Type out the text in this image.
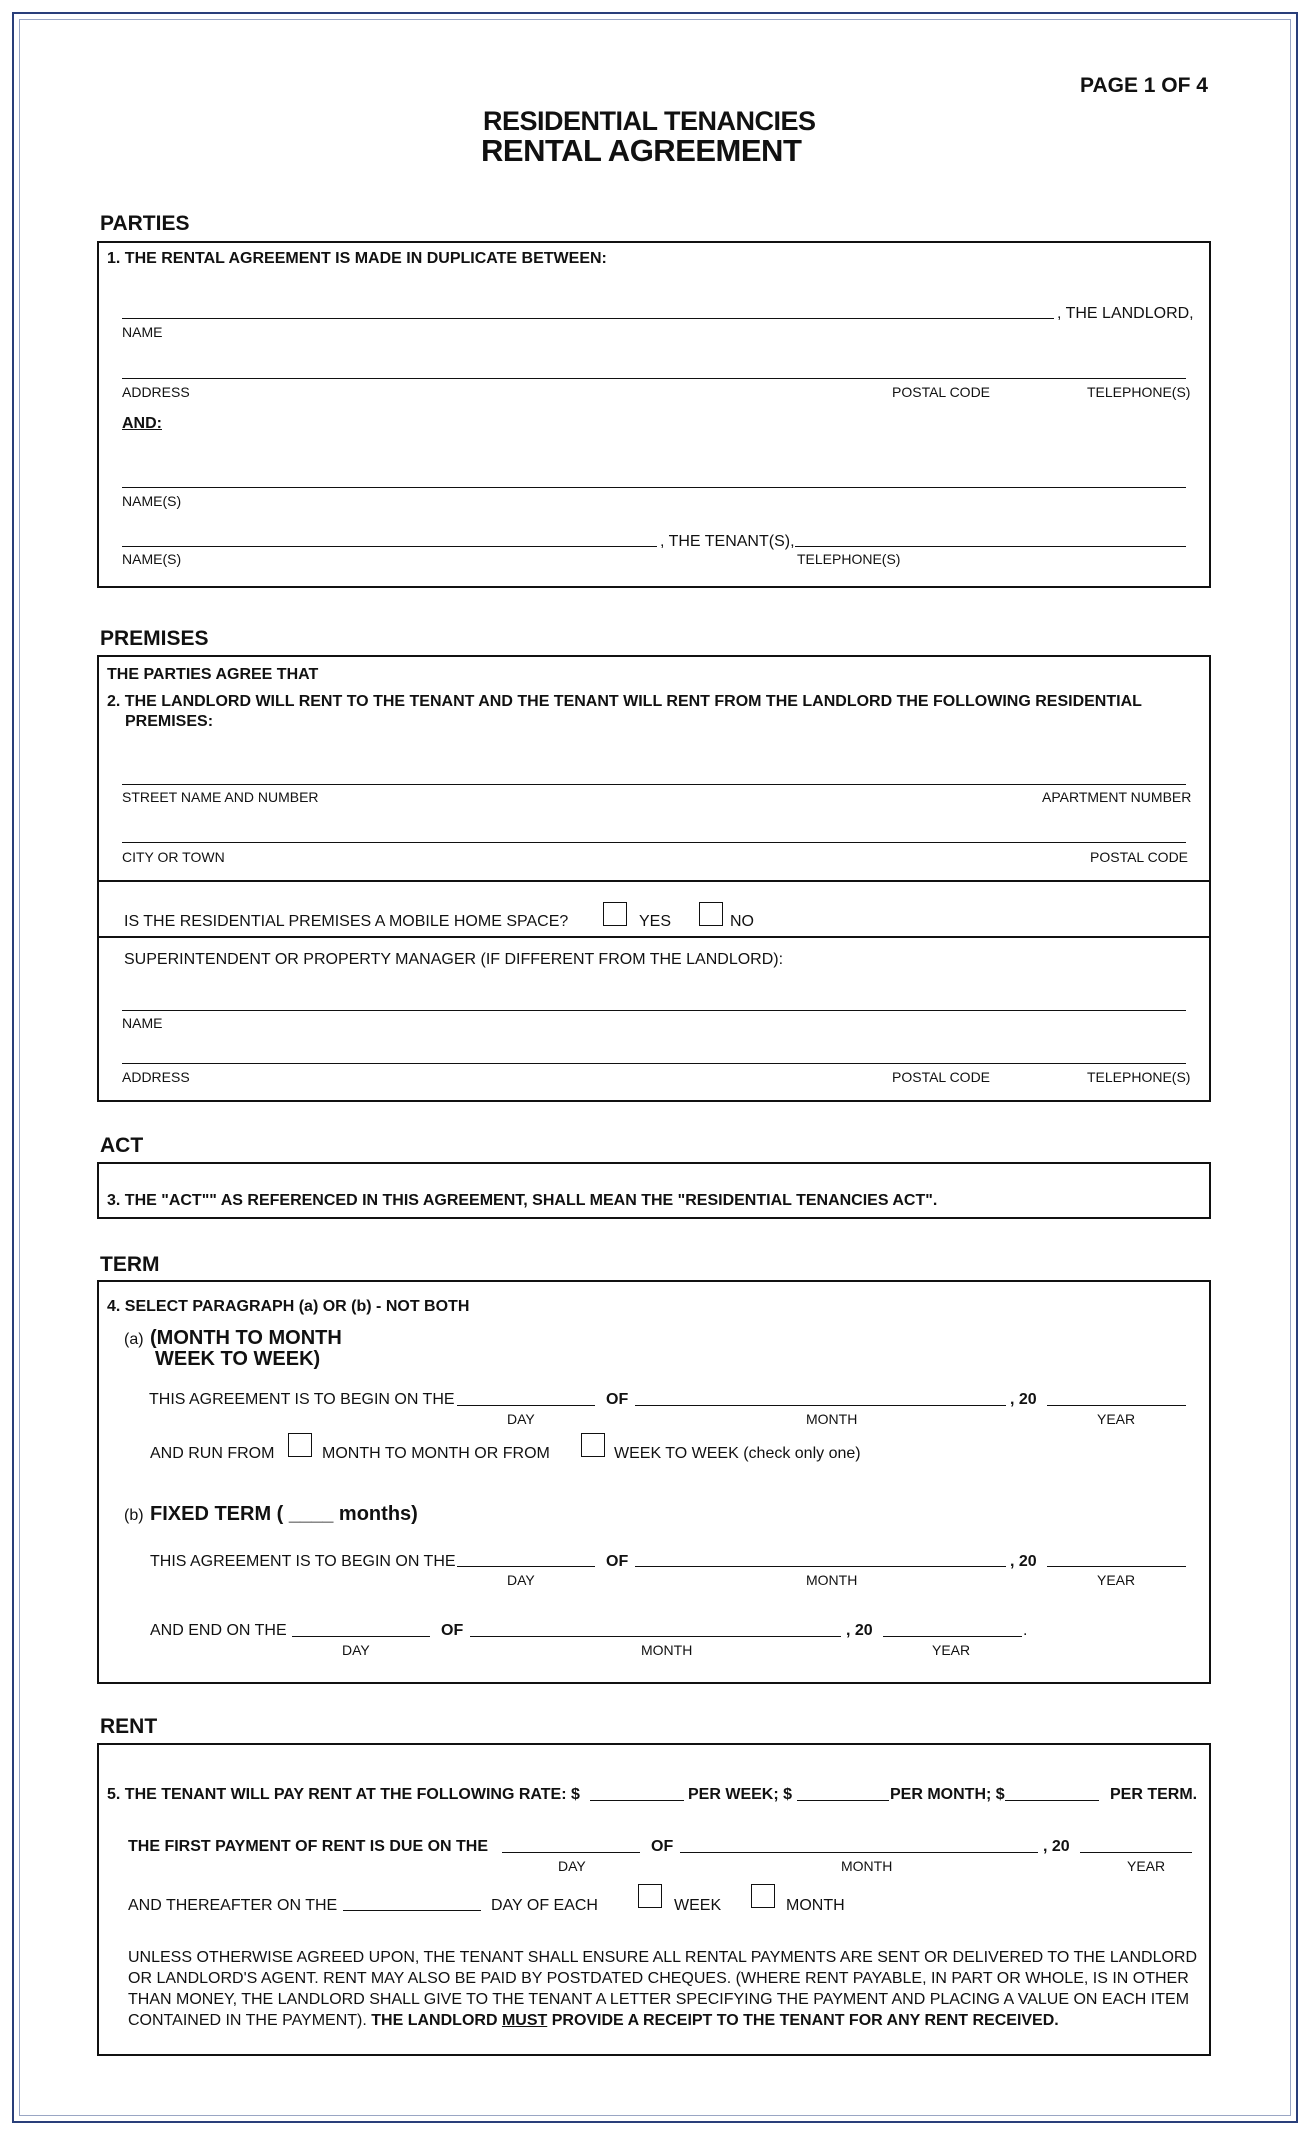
PAGE 1 OF 4
RESIDENTIAL TENANCIES
RENTAL AGREEMENT
PARTIES
1. THE RENTAL AGREEMENT IS MADE IN DUPLICATE BETWEEN:
, THE LANDLORD,
NAME
ADDRESS	POSTAL CODE	TELEPHONE(S)
AND:
NAME(S)
, THE TENANT(S),
NAME(S)	TELEPHONE(S)
PREMISES
THE PARTIES AGREE THAT
2. THE LANDLORD WILL RENT TO THE TENANT AND THE TENANT WILL RENT FROM THE LANDLORD THE FOLLOWING RESIDENTIAL
PREMISES:
STREET NAME AND NUMBER	APARTMENT NUMBER
CITY OR TOWN	POSTAL CODE
IS THE RESIDENTIAL PREMISES A MOBILE HOME SPACE?	YES	NO
SUPERINTENDENT OR PROPERTY MANAGER (IF DIFFERENT FROM THE LANDLORD):
NAME
ADDRESS	POSTAL CODE	TELEPHONE(S)
ACT
3. THE "ACT"" AS REFERENCED IN THIS AGREEMENT, SHALL MEAN THE "RESIDENTIAL TENANCIES ACT".
TERM
4. SELECT PARAGRAPH (a) OR (b) - NOT BOTH
(a) (MONTH TO MONTH
WEEK TO WEEK)
THIS AGREEMENT IS TO BEGIN ON THE	OF	, 20
DAY	MONTH	YEAR
AND RUN FROM	MONTH TO MONTH OR FROM	WEEK TO WEEK (check only one)
(b) FIXED TERM ( ____ months)
THIS AGREEMENT IS TO BEGIN ON THE	OF	, 20
DAY	MONTH	YEAR
AND END ON THE	OF	, 20	.
DAY	MONTH	YEAR
RENT
5. THE TENANT WILL PAY RENT AT THE FOLLOWING RATE: $	PER WEEK; $	PER MONTH; $	PER TERM.
THE FIRST PAYMENT OF RENT IS DUE ON THE	OF	, 20
DAY	MONTH	YEAR
AND THEREAFTER ON THE	DAY OF EACH	WEEK	MONTH
UNLESS OTHERWISE AGREED UPON, THE TENANT SHALL ENSURE ALL RENTAL PAYMENTS ARE SENT OR DELIVERED TO THE LANDLORD OR LANDLORD'S AGENT. RENT MAY ALSO BE PAID BY POSTDATED CHEQUES. (WHERE RENT PAYABLE, IN PART OR WHOLE, IS IN OTHER THAN MONEY, THE LANDLORD SHALL GIVE TO THE TENANT A LETTER SPECIFYING THE PAYMENT AND PLACING A VALUE ON EACH ITEM CONTAINED IN THE PAYMENT). THE LANDLORD MUST PROVIDE A RECEIPT TO THE TENANT FOR ANY RENT RECEIVED.
